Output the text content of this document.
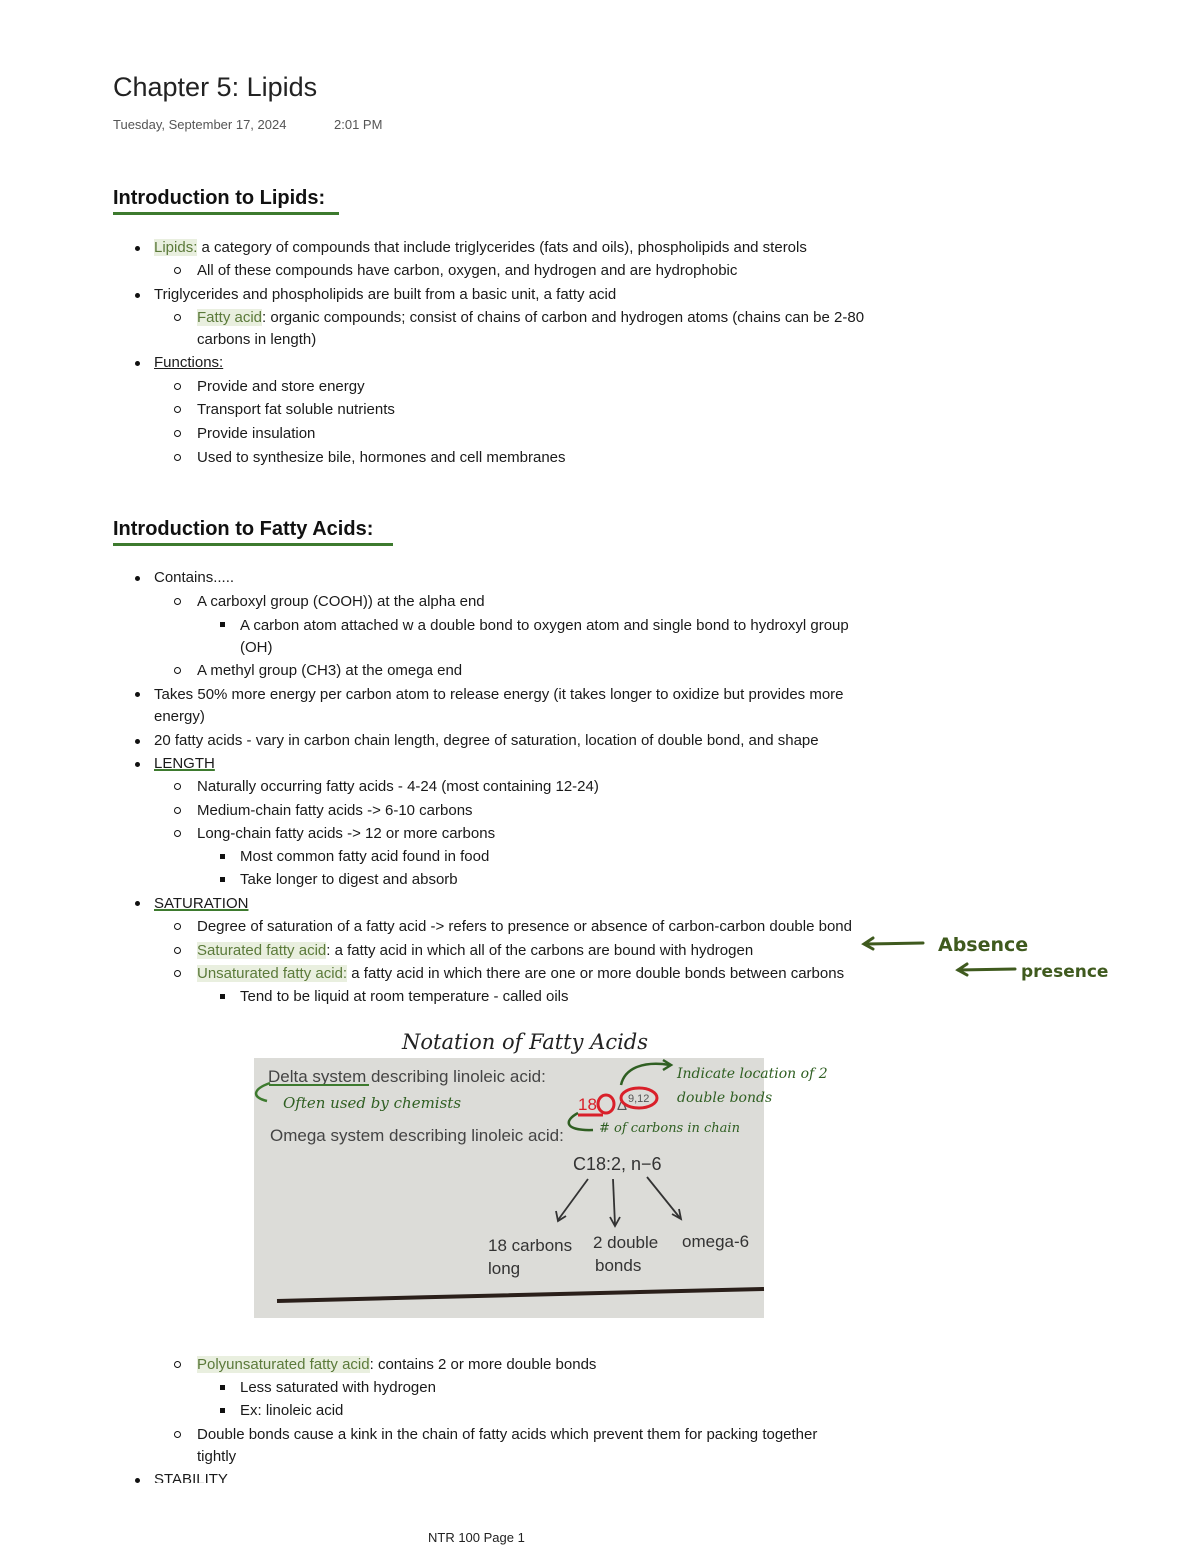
Chapter 5: Lipids
Tuesday, September 17, 2024	2:01 PM
Introduction to Lipids:
Lipids: a category of compounds that include triglycerides (fats and oils), phospholipids and sterols
All of these compounds have carbon, oxygen, and hydrogen and are hydrophobic
Triglycerides and phospholipids are built from a basic unit, a fatty acid
Fatty acid: organic compounds; consist of chains of carbon and hydrogen atoms (chains can be 2-80
carbons in length)
Functions:
Provide and store energy
Transport fat soluble nutrients
Provide insulation
Used to synthesize bile, hormones and cell membranes
Introduction to Fatty Acids:
Contains.....
A carboxyl group (COOH)) at the alpha end
A carbon atom attached w a double bond to oxygen atom and single bond to hydroxyl group
(OH)
A methyl group (CH3) at the omega end
Takes 50% more energy per carbon atom to release energy (it takes longer to oxidize but provides more
energy)
20 fatty acids - vary in carbon chain length, degree of saturation, location of double bond, and shape
LENGTH
Naturally occurring fatty acids - 4-24 (most containing 12-24)
Medium-chain fatty acids -> 6-10 carbons
Long-chain fatty acids -> 12 or more carbons
Most common fatty acid found in food
Take longer to digest and absorb
SATURATION
Degree of saturation of a fatty acid -> refers to presence or absence of carbon-carbon double bond
Saturated fatty acid: a fatty acid in which all of the carbons are bound with hydrogen
Unsaturated fatty acid: a fatty acid in which there are one or more double bonds between carbons
Tend to be liquid at room temperature - called oils
Absence
presence
Notation of Fatty Acids
Delta system describing linoleic acid:
Omega system describing linoleic acid:
C18:2, n−6
Often used by chemists	18 Δ 9,12
Indicate location of 2
double bonds
# of carbons in chain
18 carbons
long
2 double
bonds
omega-6
Polyunsaturated fatty acid: contains 2 or more double bonds
Less saturated with hydrogen
Ex: linoleic acid
Double bonds cause a kink in the chain of fatty acids which prevent them for packing together
tightly
STABILITY
NTR 100 Page 1
